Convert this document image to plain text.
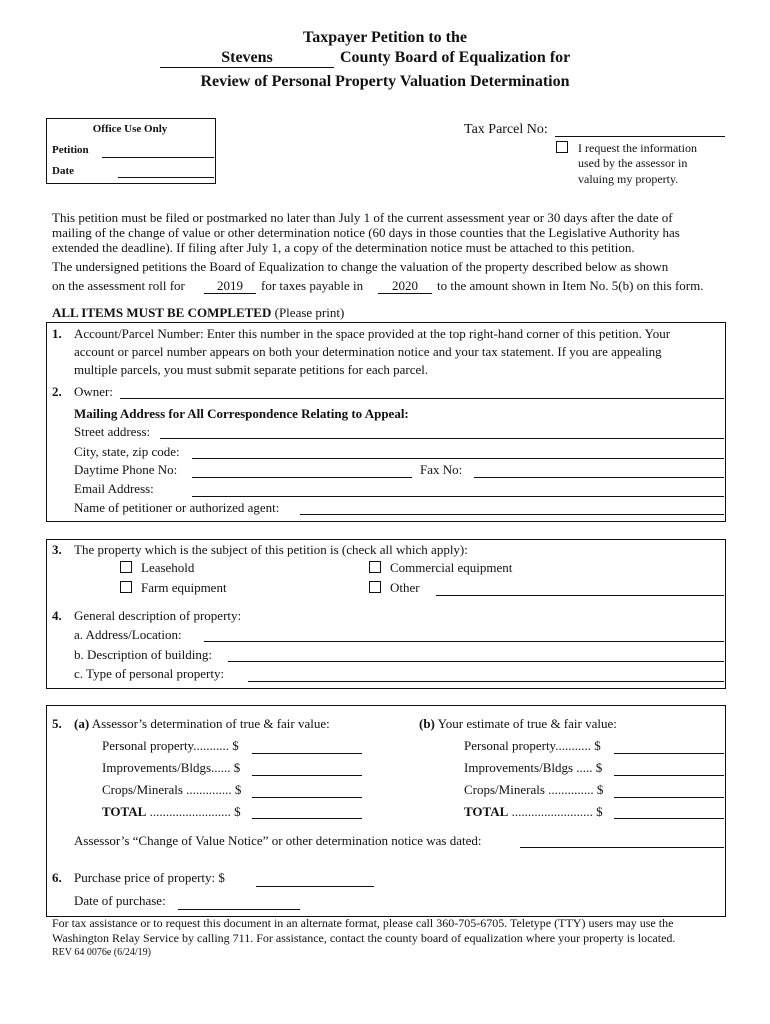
Taxpayer Petition to the
Stevens	County Board of Equalization for
Review of Personal Property Valuation Determination
Office Use Only
Petition
Date
Tax Parcel No:
I request the information
used by the assessor in
valuing my property.
This petition must be filed or postmarked no later than July 1 of the current assessment year or 30 days after the date of
mailing of the change of value or other determination notice (60 days in those counties that the Legislative Authority has
extended the deadline). If filing after July 1, a copy of the determination notice must be attached to this petition.
The undersigned petitions the Board of Equalization to change the valuation of the property described below as shown
on the assessment roll for	2019	for taxes payable in	2020	to the amount shown in Item No. 5(b) on this form.
ALL ITEMS MUST BE COMPLETED (Please print)
1. Account/Parcel Number: Enter this number in the space provided at the top right-hand corner of this petition. Your
account or parcel number appears on both your determination notice and your tax statement. If you are appealing
multiple parcels, you must submit separate petitions for each parcel.
2. Owner:
Mailing Address for All Correspondence Relating to Appeal:
Street address:
City, state, zip code:
Daytime Phone No:	Fax No:
Email Address:
Name of petitioner or authorized agent:
3. The property which is the subject of this petition is (check all which apply):
Leasehold
Farm equipment
Commercial equipment
Other
4. General description of property:
a. Address/Location:
b. Description of building:
c. Type of personal property:
5. (a) Assessor’s determination of true & fair value:	(b) Your estimate of true & fair value:
Personal property........... $
Improvements/Bldgs...... $
Crops/Minerals .............. $
TOTAL ......................... $
Personal property........... $
Improvements/Bldgs ..... $
Crops/Minerals .............. $
TOTAL ......................... $
Assessor’s “Change of Value Notice” or other determination notice was dated:
6. Purchase price of property: $
Date of purchase:
For tax assistance or to request this document in an alternate format, please call 360-705-6705. Teletype (TTY) users may use the
Washington Relay Service by calling 711. For assistance, contact the county board of equalization where your property is located.
REV 64 0076e (6/24/19)
